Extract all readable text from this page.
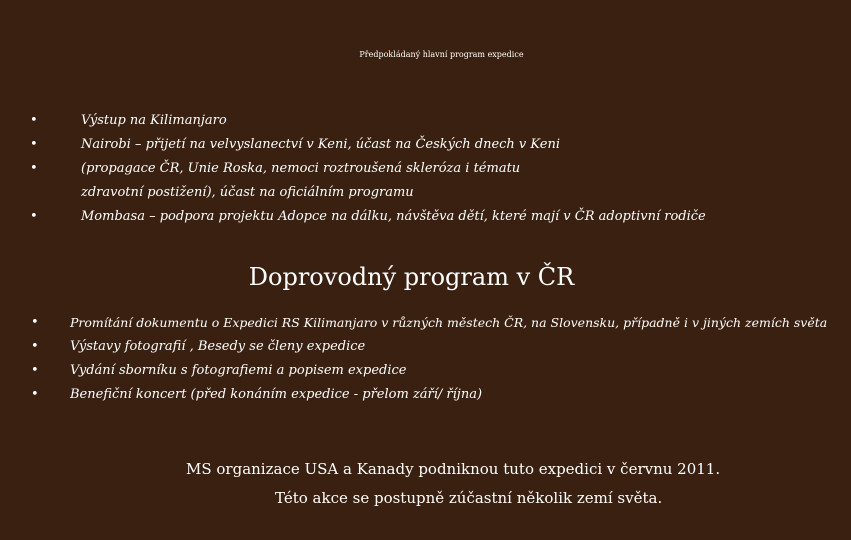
Předpokládaný hlavní program expedice
•	Výstup na Kilimanjaro
•	Nairobi – přijetí na velvyslanectví v Keni, účast na Českých dnech v Keni
•	(propagace ČR, Unie Roska, nemoci roztroušená skleróza i tématu
zdravotní postižení), účast na oficiálním programu
•	Mombasa – podpora projektu Adopce na dálku, návštěva dětí, které mají v ČR adoptivní rodiče
Doprovodný program v ČR
•	Promítání dokumentu o Expedici RS Kilimanjaro v různých městech ČR, na Slovensku, případně i v jiných zemích světa
• Výstavy fotografií , Besedy se členy expedice
• Vydání sborníku s fotografiemi a popisem expedice
• Benefiční koncert (před konáním expedice - přelom září/ října)

MS organizace USA a Kanady podniknou tuto expedici v červnu 2011.

Této akce se postupně zúčastní několik zemí světa.
